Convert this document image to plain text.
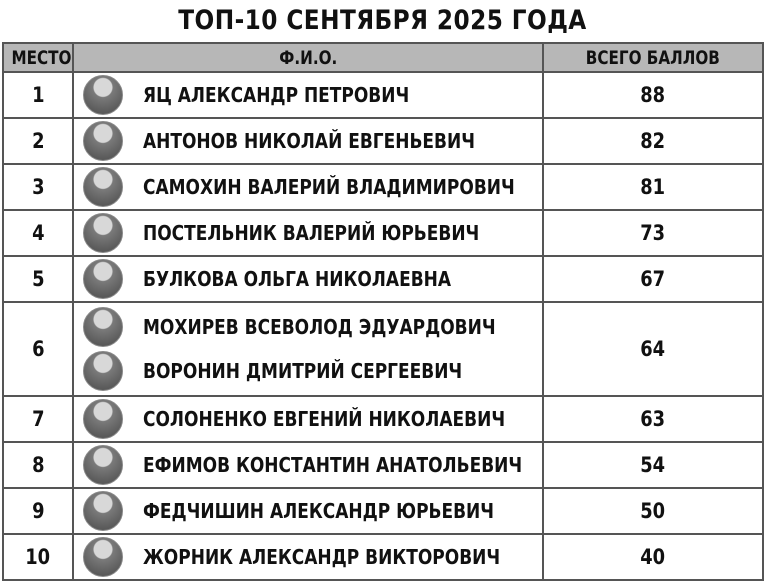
ТОП-10 СЕНТЯБРЯ 2025 ГОДА
МЕСТО	Ф.И.О.	ВСЕГО БАЛЛОВ
1	ЯЦ АЛЕКСАНДР ПЕТРОВИЧ	88
2	АНТОНОВ НИКОЛАЙ ЕВГЕНЬЕВИЧ	82
3	САМОХИН ВАЛЕРИЙ ВЛАДИМИРОВИЧ	81
4	ПОСТЕЛЬНИК ВАЛЕРИЙ ЮРЬЕВИЧ	73
5	БУЛКОВА ОЛЬГА НИКОЛАЕВНА	67
6	МОХИРЕВ ВСЕВОЛОД ЭДУАРДОВИЧ
ВОРОНИН ДМИТРИЙ СЕРГЕЕВИЧ	64
7	СОЛОНЕНКО ЕВГЕНИЙ НИКОЛАЕВИЧ	63
8	ЕФИМОВ КОНСТАНТИН АНАТОЛЬЕВИЧ	54
9	ФЕДЧИШИН АЛЕКСАНДР ЮРЬЕВИЧ	50
10	ЖОРНИК АЛЕКСАНДР ВИКТОРОВИЧ	40
